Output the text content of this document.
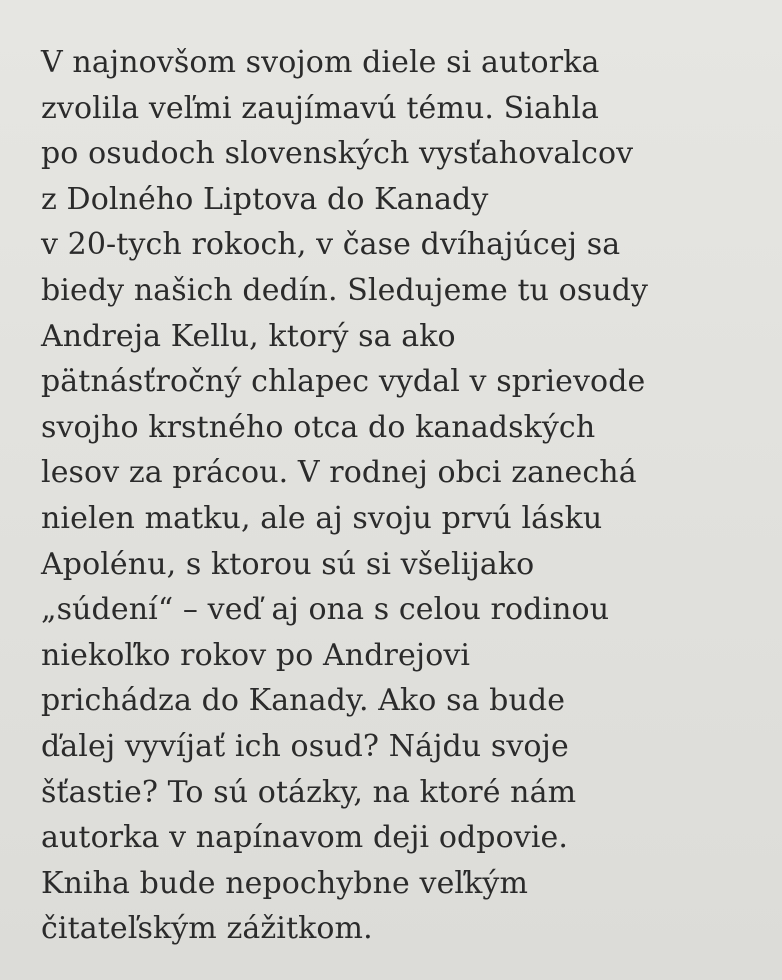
V najnovšom svojom diele si autorka
zvolila veľmi zaujímavú tému. Siahla
po osudoch slovenských vysťahovalcov
z Dolného Liptova do Kanady
v 20-tych rokoch, v čase dvíhajúcej sa
biedy našich dedín. Sledujeme tu osudy
Andreja Kellu, ktorý sa ako
pätnásťročný chlapec vydal v sprievode
svojho krstného otca do kanadských
lesov za prácou. V rodnej obci zanechá
nielen matku, ale aj svoju prvú lásku
Apolénu, s ktorou sú si všelijako
„súdení“ – veď aj ona s celou rodinou
niekoľko rokov po Andrejovi
prichádza do Kanady. Ako sa bude
ďalej vyvíjať ich osud? Nájdu svoje
šťastie? To sú otázky, na ktoré nám
autorka v napínavom deji odpovie.
Kniha bude nepochybne veľkým
čitateľským zážitkom.
